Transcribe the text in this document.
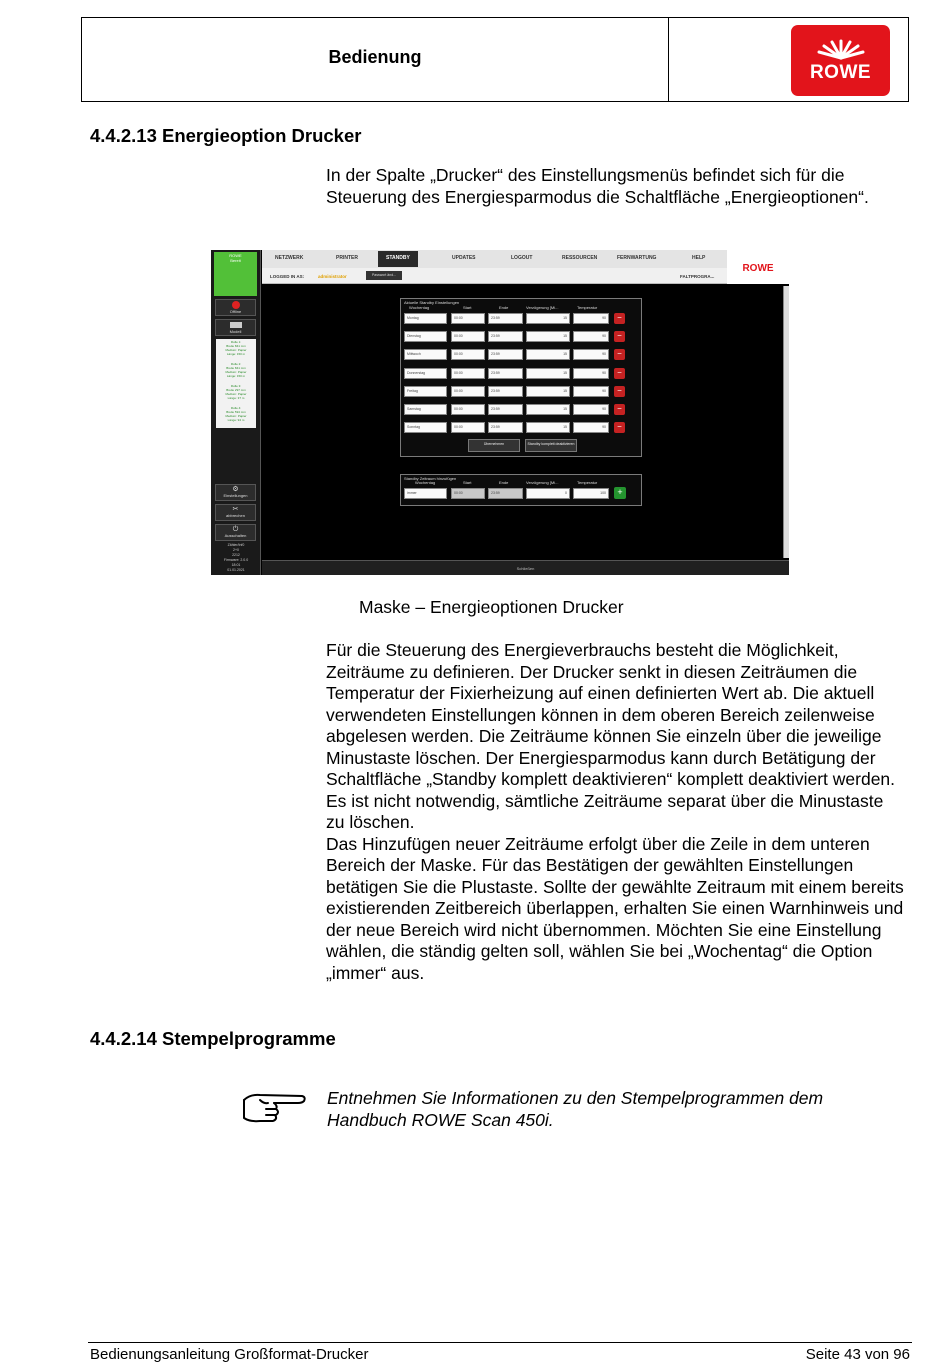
Bedienung
ROWE
4.4.2.13 Energieoption Drucker
In der Spalte „Drucker“ des Einstellungsmenüs befindet sich für die Steuerung des Energiesparmodus die Schaltfläche „Energieoptionen“.
ROWE
Bereit
Offline
Modell
Rolle 1:
Breite 841 mm
Medium: Papier
Länge: 150 m
Rolle 2:
Breite 841 mm
Medium: Papier
Länge: 150 m
Rolle 3:
Breite 297 mm
Medium: Papier
Länge: 37 m
Rolle 4:
Breite 594 mm
Medium: Papier
Länge: 94 m
⚙
Einstellungen
✂
abbrechen
⏻
Ausschalten
Zähler/Inf0
2+0
2212
Firmware: 2.0.0
18:01
01.01.2021
NETZWERK	PRINTER	STANDBY	UPDATES	LOGOUT	RESSOURCEN	FERNWARTUNG	HELP
LOGGED IN AS:	administrator	Passwort änd...	FALTPROGRA...
ROWE
Aktuelle Standby Einstellungen
Wochentag	Start	Ende	Verzögerung [Mi...	Temperatur
Montag	00:00	23:59	15	90	−
Dienstag	00:00	23:59	15	90	−
Mittwoch	00:00	23:59	15	90	−
Donnerstag	00:00	23:59	15	90	−
Freitag	00:00	23:59	15	90	−
Samstag	00:00	23:59	15	90	−
Sonntag	00:00	23:59	15	90	−
Übernehmen	Standby komplett deaktivieren
Standby Zeitraum hinzufügen
Wochentag	Start	Ende	Verzögerung [Mi...	Temperatur
immer	00:00	23:59	0	100	+
Schließen
Maske – Energieoptionen Drucker
Für die Steuerung des Energieverbrauchs besteht die Möglichkeit, Zeiträume zu definieren. Der Drucker senkt in diesen Zeiträumen die Temperatur der Fixierheizung auf einen definierten Wert ab. Die aktuell verwendeten Einstellungen können in dem oberen Bereich zeilenweise abgelesen werden. Die Zeiträume können Sie einzeln über die jeweilige Minustaste löschen. Der Energiesparmodus kann durch Betätigung der Schaltfläche „Standby komplett deaktivieren“ komplett deaktiviert werden. Es ist nicht notwendig, sämtliche Zeiträume separat über die Minustaste zu löschen.
Das Hinzufügen neuer Zeiträume erfolgt über die Zeile in dem unteren Bereich der Maske. Für das Bestätigen der gewählten Einstellungen betätigen Sie die Plustaste. Sollte der gewählte Zeitraum mit einem bereits existierenden Zeitbereich überlappen, erhalten Sie einen Warnhinweis und der neue Bereich wird nicht übernommen. Möchten Sie eine Einstellung wählen, die ständig gelten soll, wählen Sie bei „Wochentag“ die Option „immer“ aus.
4.4.2.14 Stempelprogramme
Entnehmen Sie Informationen zu den Stempelprogrammen dem Handbuch ROWE Scan 450i.
Bedienungsanleitung Großformat-Drucker	Seite 43 von 96
